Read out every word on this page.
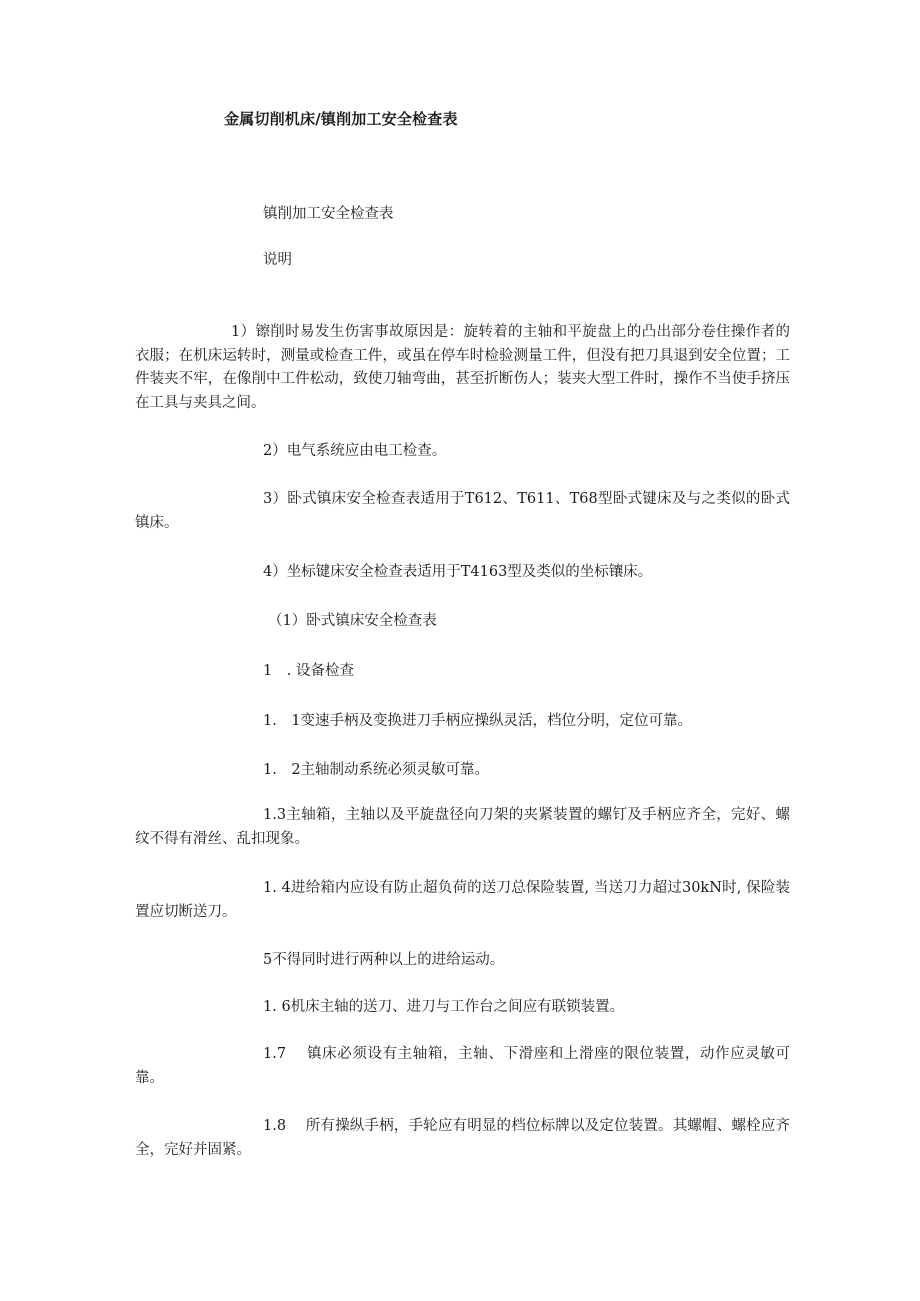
金属切削机床/镇削加工安全检查表
镇削加工安全检查表
说明
1）镲削时易发生伤害事故原因是：旋转着的主轴和平旋盘上的凸出部分卷住操作者的衣服；在机床运转时，测量或检查工件，或虽在停车时检验测量工件，但没有把刀具退到安全位置；工件装夹不牢，在像削中工件松动，致使刀轴弯曲，甚至折断伤人；装夹大型工件时，操作不当使手挤压在工具与夹具之间。
2）电气系统应由电工检查。
3）卧式镇床安全检查表适用于T612、T611、T68型卧式键床及与之类似的卧式镇床。
4）坐标键床安全检查表适用于T4163型及类似的坐标镶床。
（1）卧式镇床安全检查表
1　. 设备检查
1.　1变速手柄及变换进刀手柄应操纵灵活，档位分明，定位可靠。
1.　2主轴制动系统必须灵敏可靠。
1.3主轴箱，主轴以及平旋盘径向刀架的夹紧装置的螺钉及手柄应齐全，完好、螺纹不得有滑丝、乱扣现象。
1. 4进给箱内应设有防止超负荷的送刀总保险装置, 当送刀力超过30kN时, 保险装置应切断送刀。
5不得同时进行两种以上的进给运动。
1. 6机床主轴的送刀、进刀与工作台之间应有联锁装置。
1.7　 镇床必须设有主轴箱，主轴、下滑座和上滑座的限位装置，动作应灵敏可靠。
1.8　 所有操纵手柄，手轮应有明显的档位标牌以及定位装置。其螺帽、螺栓应齐全，完好并固紧。
